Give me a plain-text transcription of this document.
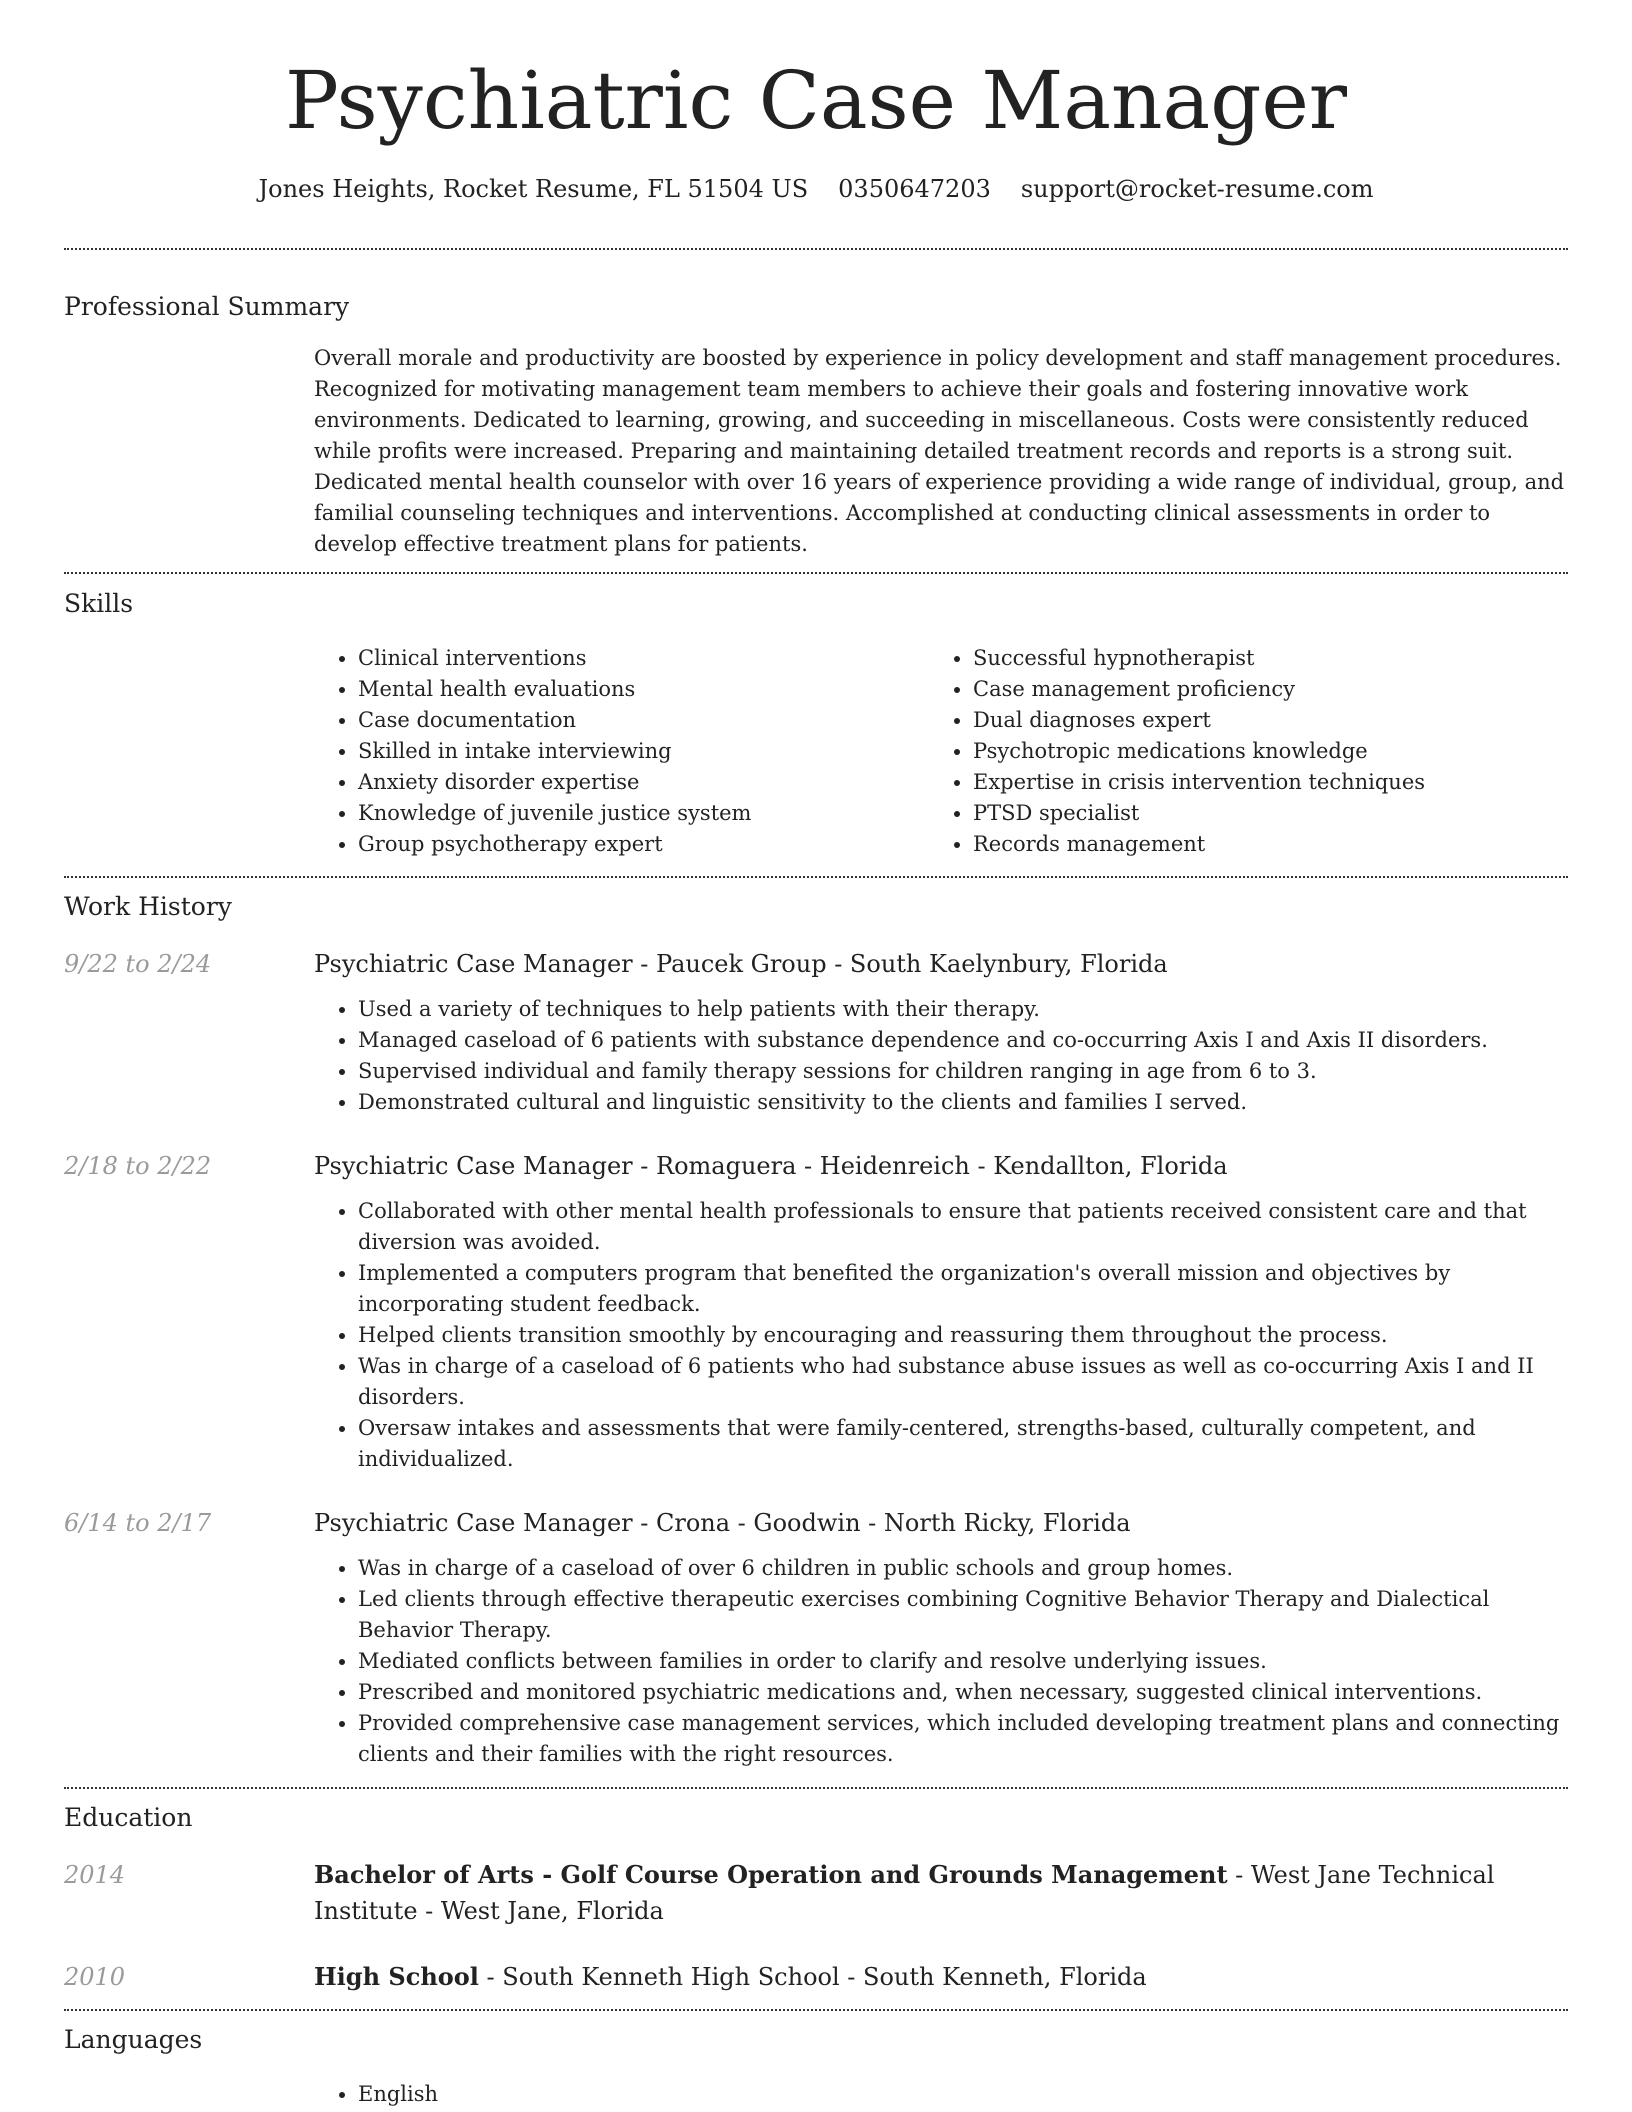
Psychiatric Case Manager
Jones Heights, Rocket Resume, FL 51504 US 0350647203 support@rocket-resume.com
Professional Summary
Overall morale and productivity are boosted by experience in policy development and staff management procedures. Recognized for motivating management team members to achieve their goals and fostering innovative work environments. Dedicated to learning, growing, and succeeding in miscellaneous. Costs were consistently reduced while profits were increased. Preparing and maintaining detailed treatment records and reports is a strong suit. Dedicated mental health counselor with over 16 years of experience providing a wide range of individual, group, and familial counseling techniques and interventions. Accomplished at conducting clinical assessments in order to develop effective treatment plans for patients.
Skills
• Clinical interventions
• Mental health evaluations
• Case documentation
• Skilled in intake interviewing
• Anxiety disorder expertise
• Knowledge of juvenile justice system
• Group psychotherapy expert
• Successful hypnotherapist
• Case management proficiency
• Dual diagnoses expert
• Psychotropic medications knowledge
• Expertise in crisis intervention techniques
• PTSD specialist
• Records management
Work History
9/22 to 2/24	Psychiatric Case Manager - Paucek Group - South Kaelynbury, Florida
• Used a variety of techniques to help patients with their therapy.
• Managed caseload of 6 patients with substance dependence and co-occurring Axis I and Axis II disorders.
• Supervised individual and family therapy sessions for children ranging in age from 6 to 3.
• Demonstrated cultural and linguistic sensitivity to the clients and families I served.
2/18 to 2/22	Psychiatric Case Manager - Romaguera - Heidenreich - Kendallton, Florida
• Collaborated with other mental health professionals to ensure that patients received consistent care and that diversion was avoided.
• Implemented a computers program that benefited the organization's overall mission and objectives by incorporating student feedback.
• Helped clients transition smoothly by encouraging and reassuring them throughout the process.
• Was in charge of a caseload of 6 patients who had substance abuse issues as well as co-occurring Axis I and II disorders.
• Oversaw intakes and assessments that were family-centered, strengths-based, culturally competent, and individualized.
6/14 to 2/17	Psychiatric Case Manager - Crona - Goodwin - North Ricky, Florida
• Was in charge of a caseload of over 6 children in public schools and group homes.
• Led clients through effective therapeutic exercises combining Cognitive Behavior Therapy and Dialectical Behavior Therapy.
• Mediated conflicts between families in order to clarify and resolve underlying issues.
• Prescribed and monitored psychiatric medications and, when necessary, suggested clinical interventions.
• Provided comprehensive case management services, which included developing treatment plans and connecting clients and their families with the right resources.
Education
2014	Bachelor of Arts - Golf Course Operation and Grounds Management - West Jane Technical Institute - West Jane, Florida
2010	High School - South Kenneth High School - South Kenneth, Florida
Languages
• English
